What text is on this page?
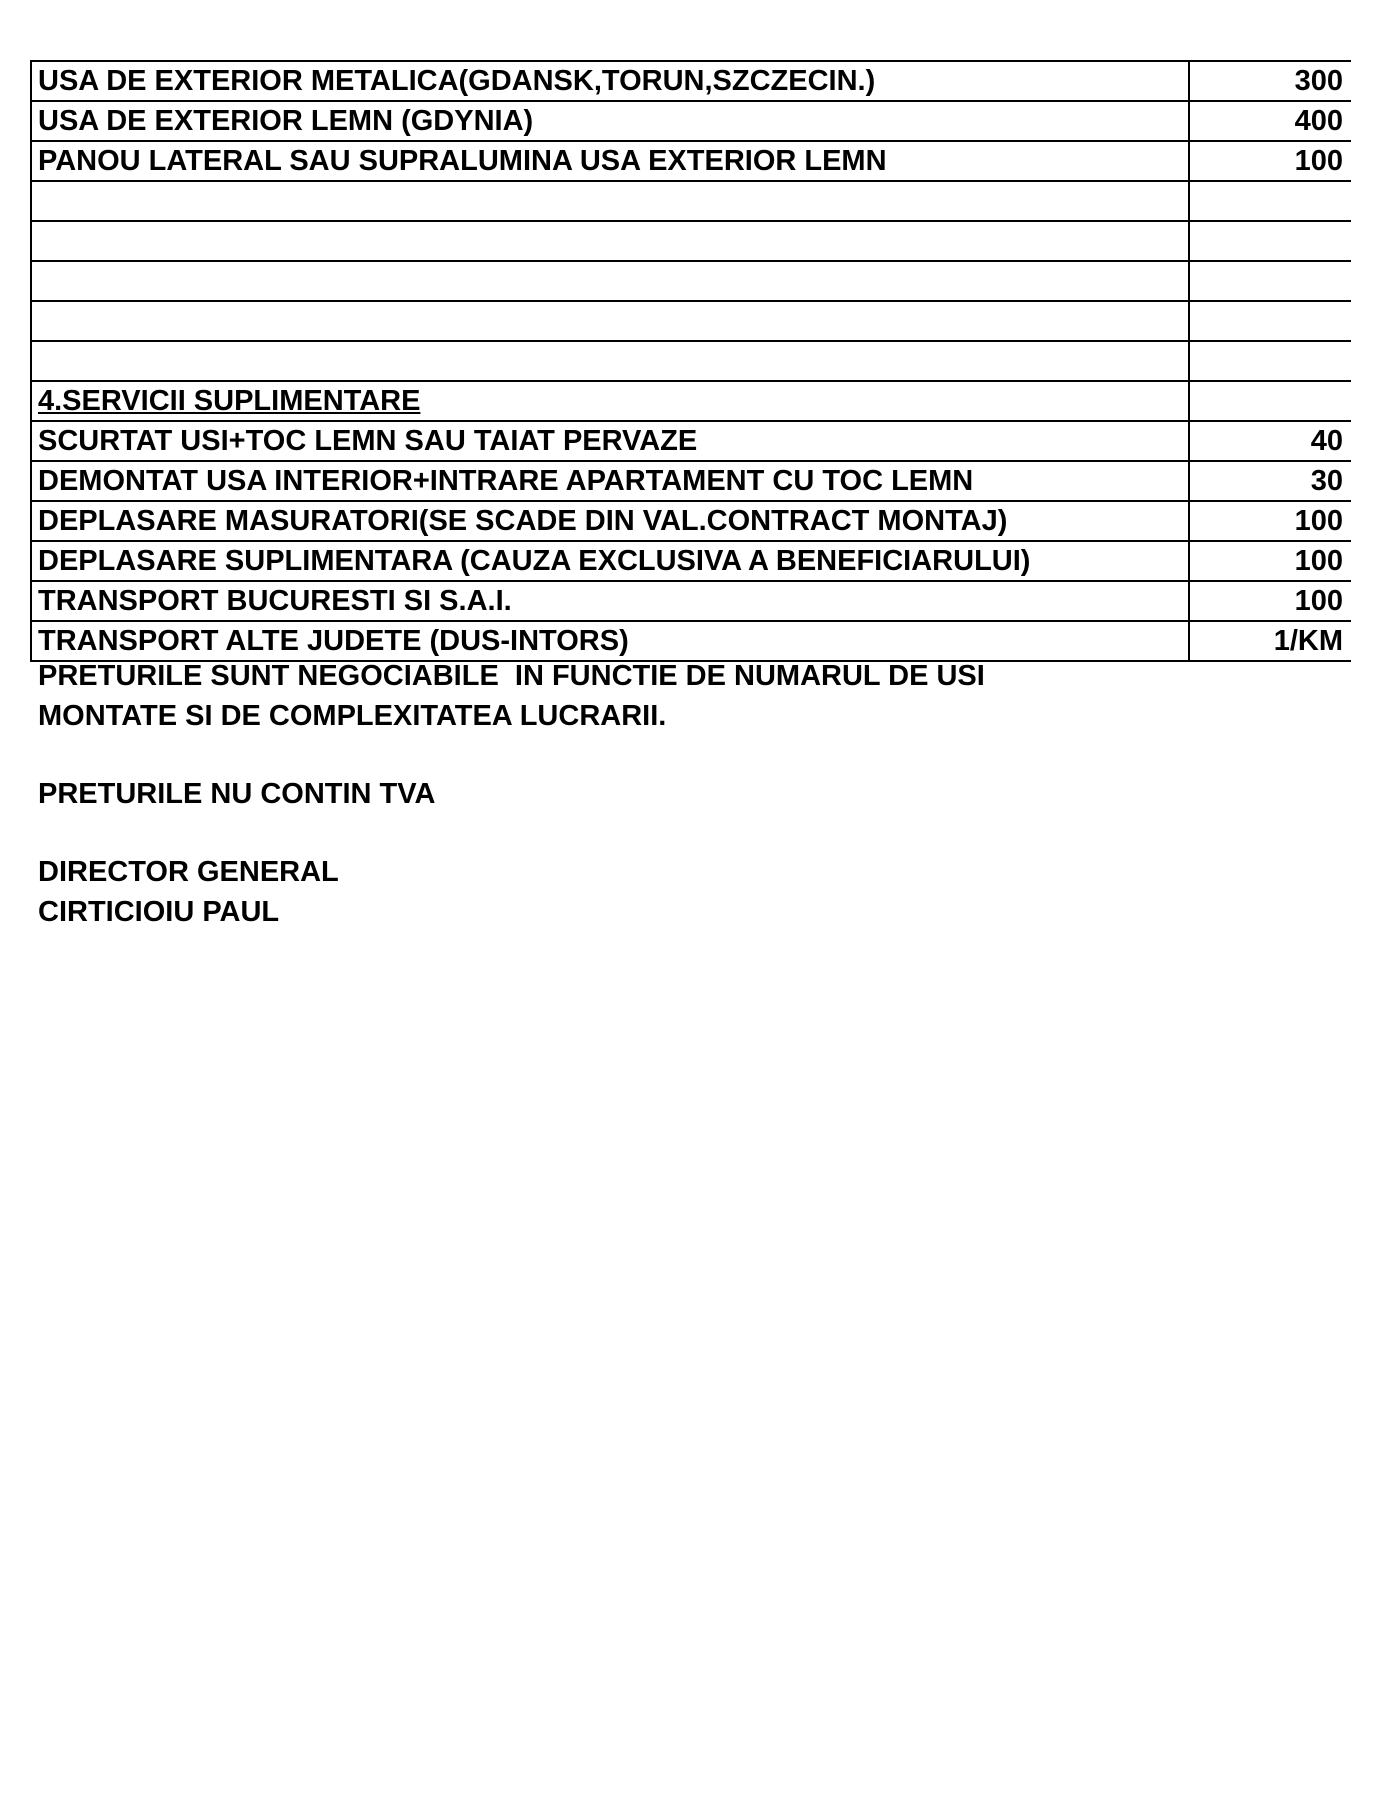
USA DE EXTERIOR METALICA(GDANSK,TORUN,SZCZECIN.)	300
USA DE EXTERIOR LEMN (GDYNIA)	400
PANOU LATERAL SAU SUPRALUMINA USA EXTERIOR LEMN	100

4.SERVICII SUPLIMENTARE	
SCURTAT USI+TOC LEMN SAU TAIAT PERVAZE	40
DEMONTAT USA INTERIOR+INTRARE APARTAMENT CU TOC LEMN	30
DEPLASARE MASURATORI(SE SCADE DIN VAL.CONTRACT MONTAJ)	100
DEPLASARE SUPLIMENTARA (CAUZA EXCLUSIVA A BENEFICIARULUI)	100
TRANSPORT BUCURESTI SI S.A.I.	100
TRANSPORT ALTE JUDETE (DUS-INTORS)	1/KM

PRETURILE SUNT NEGOCIABILE  IN FUNCTIE DE NUMARUL DE USI

MONTATE SI DE COMPLEXITATEA LUCRARII.

PRETURILE NU CONTIN TVA

DIRECTOR GENERAL

CIRTICIOIU PAUL
